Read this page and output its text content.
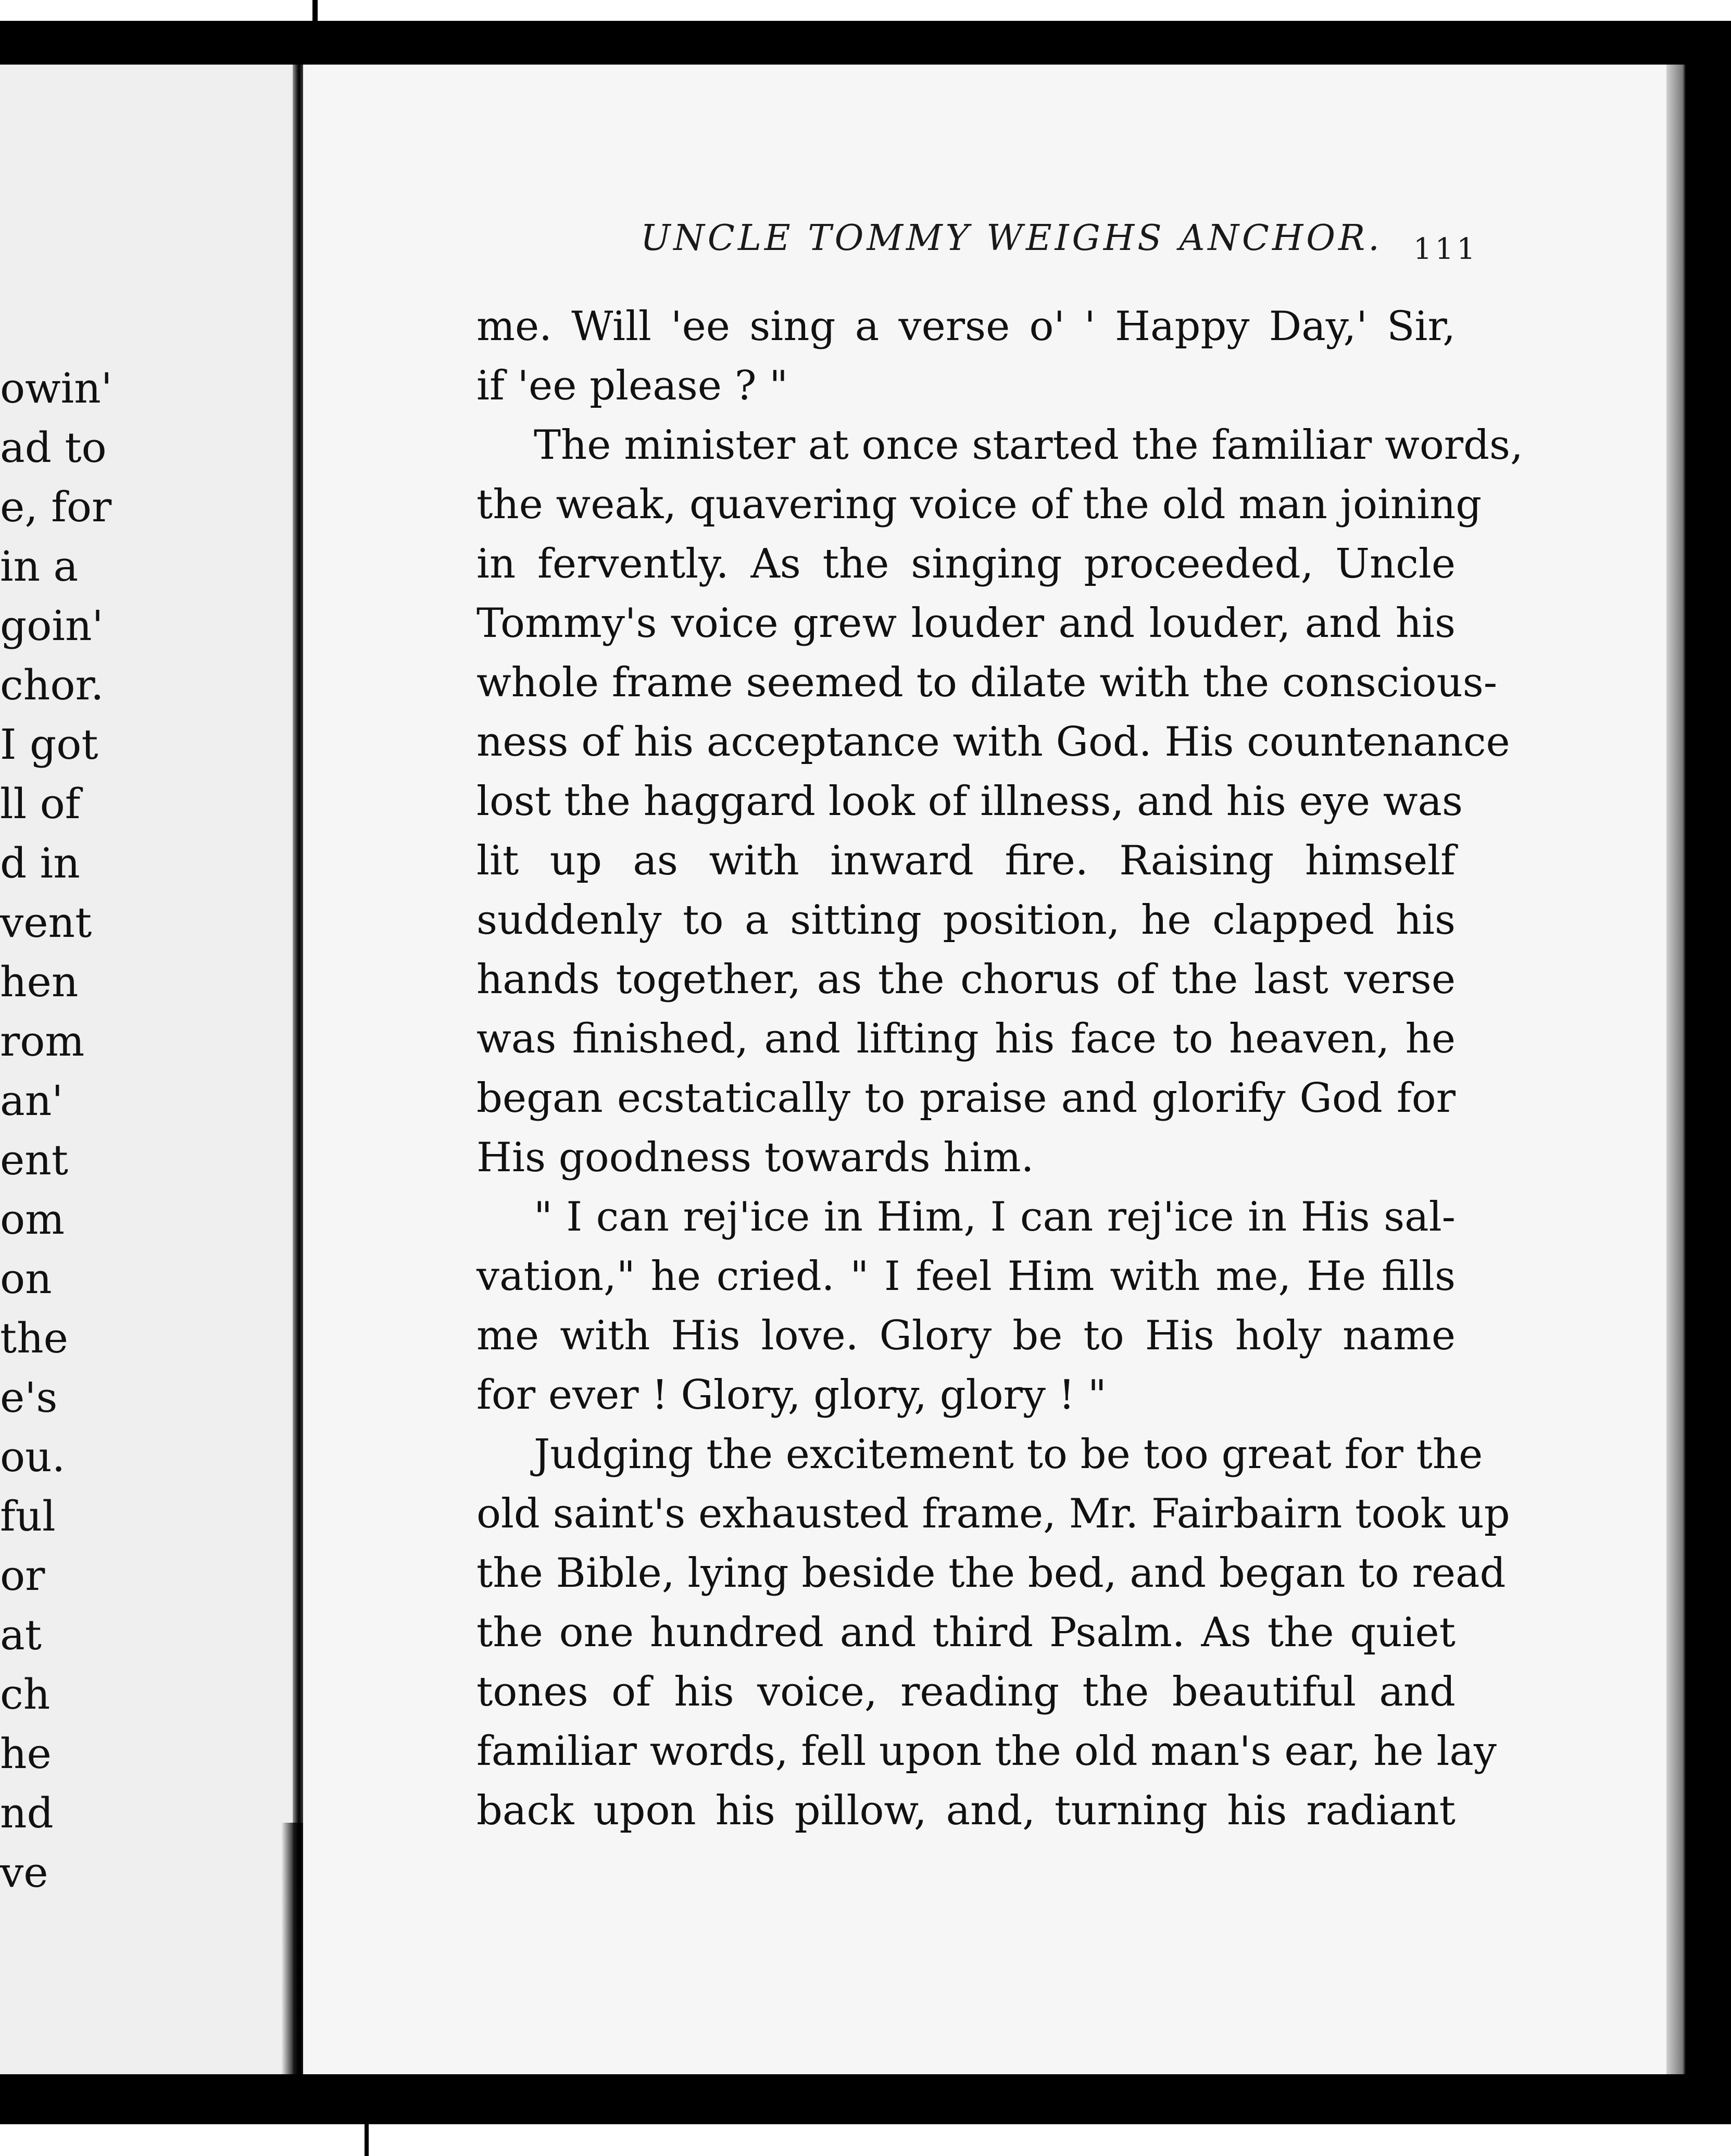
owin'
ad to
e, for
in a
goin'
chor.
I got
ll of
d in
vent
hen
rom
an'
ent
om
on
the
e's
ou.
ful
or
at
ch
he
nd
ve
UNCLE TOMMY WEIGHS ANCHOR.	111
me. Will 'ee sing a verse o' ' Happy Day,' Sir,
if 'ee please ? "
The minister at once started the familiar words,
the weak, quavering voice of the old man joining
in fervently. As the singing proceeded, Uncle
Tommy's voice grew louder and louder, and his
whole frame seemed to dilate with the conscious-
ness of his acceptance with God. His countenance
lost the haggard look of illness, and his eye was
lit up as with inward fire. Raising himself
suddenly to a sitting position, he clapped his
hands together, as the chorus of the last verse
was finished, and lifting his face to heaven, he
began ecstatically to praise and glorify God for
His goodness towards him.
" I can rej'ice in Him, I can rej'ice in His sal-
vation," he cried. " I feel Him with me, He fills
me with His love. Glory be to His holy name
for ever ! Glory, glory, glory ! "
Judging the excitement to be too great for the
old saint's exhausted frame, Mr. Fairbairn took up
the Bible, lying beside the bed, and began to read
the one hundred and third Psalm. As the quiet
tones of his voice, reading the beautiful and
familiar words, fell upon the old man's ear, he lay
back upon his pillow, and, turning his radiant
